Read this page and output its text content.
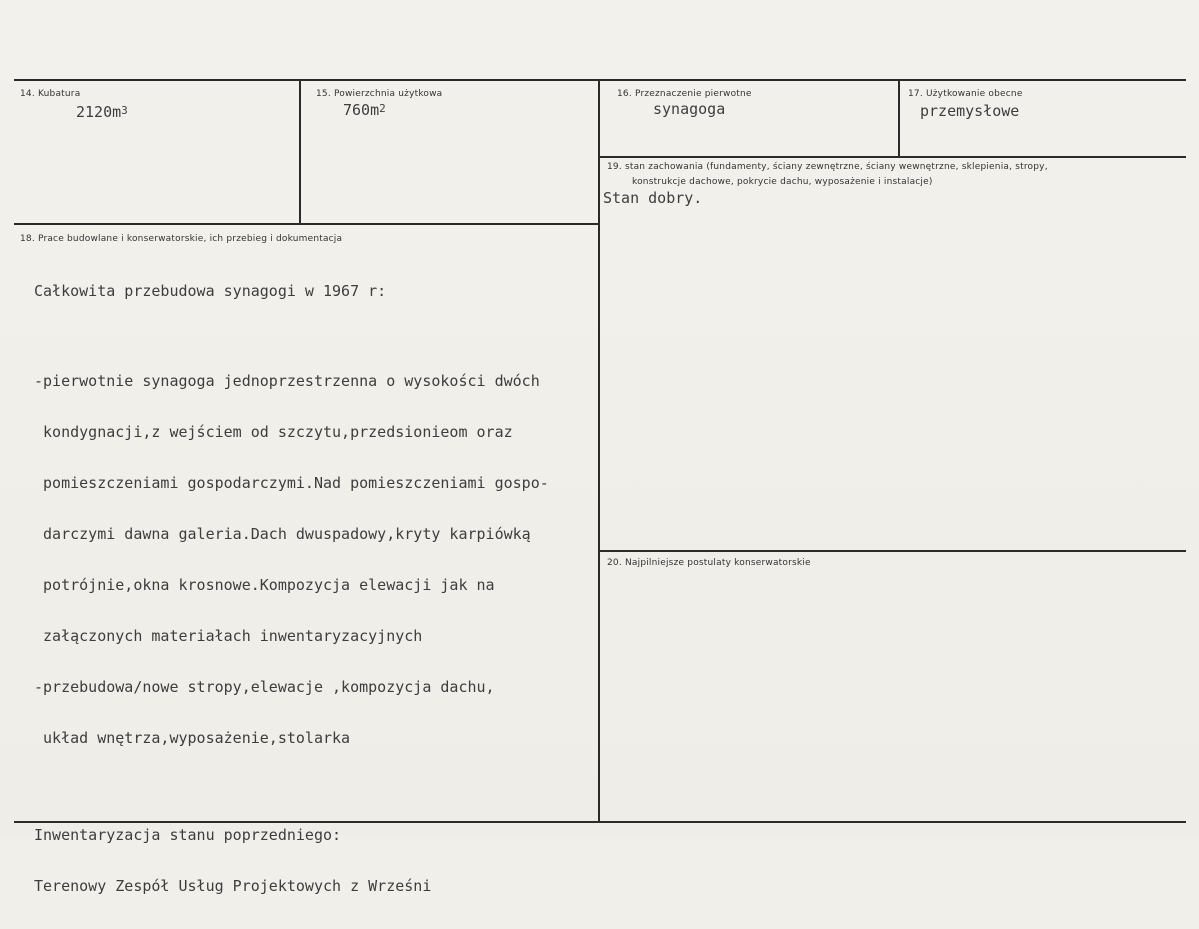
14. Kubatura
$2120m^3$
15. Powierzchnia użytkowa
$760m^2$
16. Przeznaczenie pierwotne
synagoga
17. Użytkowanie obecne
przemysłowe
19. stan zachowania (fundamenty, ściany zewnętrzne, ściany wewnętrzne, sklepienia, stropy,
konstrukcje dachowe, pokrycie dachu, wyposażenie i instalacje)
Stan dobry.
18. Prace budowlane i konserwatorskie, ich przebieg i dokumentacja

Całkowita przebudowa synagogi w 1967 r:

-pierwotnie synagoga jednoprzestrzenna o wysokości dwóch

kondygnacji,z wejściem od szczytu,przedsionieom oraz

pomieszczeniami gospodarczymi.Nad pomieszczeniami gospo-

darczymi dawna galeria.Dach dwuspadowy,kryty karpiówką

potrójnie,okna krosnowe.Kompozycja elewacji jak na

załączonych materiałach inwentaryzacyjnych

-przebudowa/nowe stropy,elewacje ,kompozycja dachu,

układ wnętrza,wyposażenie,stolarka

Inwentaryzacja stanu poprzedniego:

Terenowy Zespół Usług Projektowych z Wrześni

20. Najpilniejsze postulaty konserwatorskie
